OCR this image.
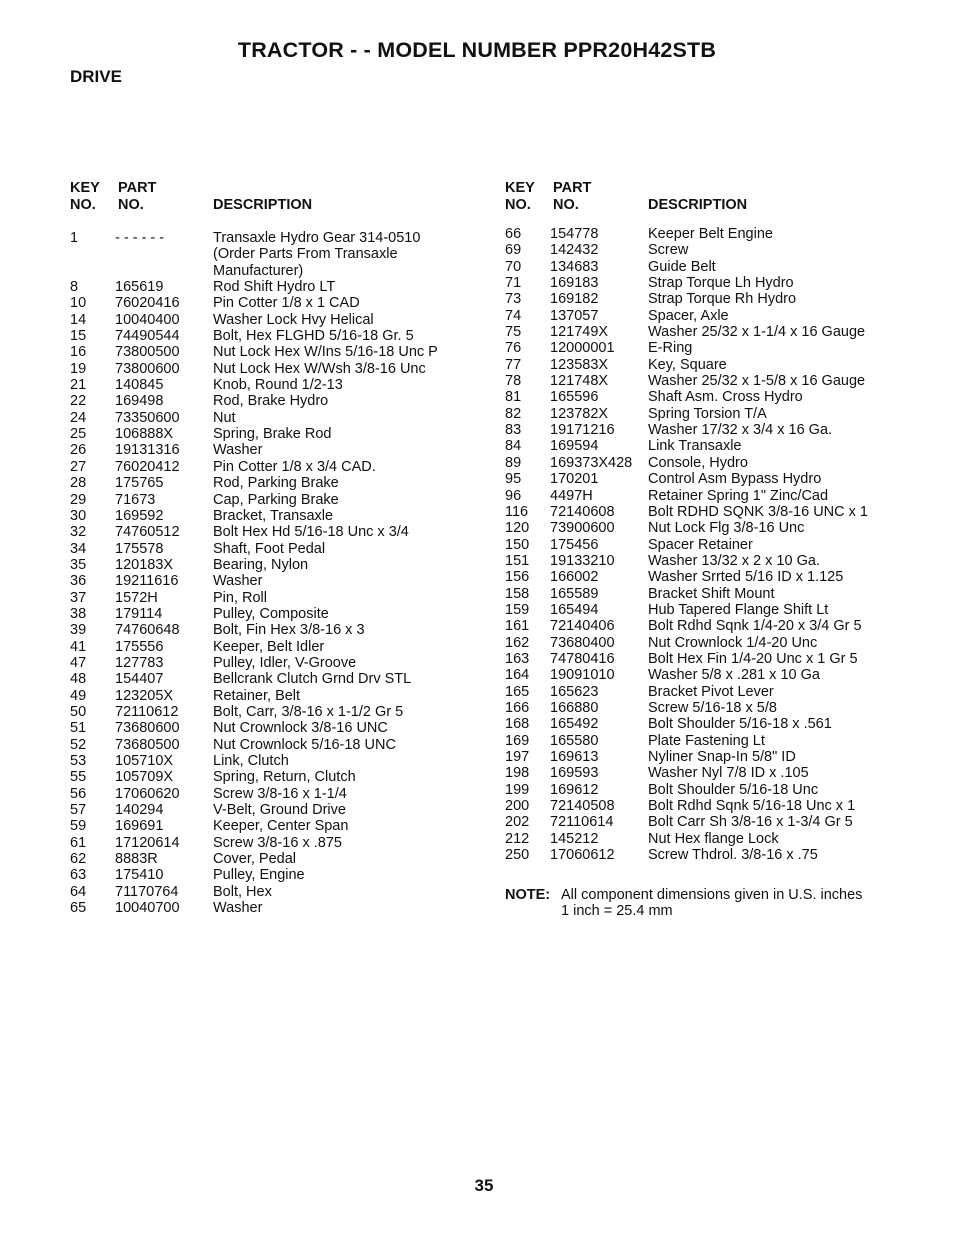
TRACTOR - - MODEL NUMBER PPR20H42STB
DRIVE
KEY
NO.
PART
NO.	DESCRIPTION
1	- - - - - -	Transaxle Hydro Gear 314-0510 (Order Parts From Transaxle Manufacturer)
8	165619	Rod Shift Hydro LT
10 76020416 Pin Cotter 1/8 x 1 CAD
14 10040400 Washer Lock Hvy Helical
15 74490544 Bolt, Hex FLGHD 5/16-18 Gr. 5
16 73800500 Nut Lock Hex W/Ins 5/16-18 Unc P
19 73800600 Nut Lock Hex W/Wsh 3/8-16 Unc
21 140845	Knob, Round 1/2-13
22 169498	Rod, Brake Hydro
24 73350600 Nut
25 106888X	Spring, Brake Rod
26 19131316 Washer
27 76020412 Pin Cotter 1/8 x 3/4 CAD.
28 175765	Rod, Parking Brake
29 71673	Cap, Parking Brake
30 169592	Bracket, Transaxle
32 74760512 Bolt Hex Hd 5/16-18 Unc x 3/4
34 175578	Shaft, Foot Pedal
35 120183X	Bearing, Nylon
36 19211616 Washer
37 1572H	Pin, Roll
38 179114	Pulley, Composite
39 74760648 Bolt, Fin Hex 3/8-16 x 3
41 175556	Keeper, Belt Idler
47 127783	Pulley, Idler, V-Groove
48 154407	Bellcrank Clutch Grnd Drv STL
49 123205X	Retainer, Belt
50 72110612 Bolt, Carr, 3/8-16 x 1-1/2 Gr 5
51 73680600 Nut Crownlock 3/8-16 UNC
52 73680500 Nut Crownlock 5/16-18 UNC
53 105710X	Link, Clutch
55 105709X	Spring, Return, Clutch
56 17060620 Screw 3/8-16 x 1-1/4
57 140294	V-Belt, Ground Drive
59 169691	Keeper, Center Span
61 17120614 Screw 3/8-16 x .875
62 8883R	Cover, Pedal
63 175410	Pulley, Engine
64 71170764 Bolt, Hex
65 10040700 Washer
KEY
NO.
PART
NO.	DESCRIPTION
66 154778	Keeper Belt Engine
69 142432	Screw
70 134683	Guide Belt
71 169183	Strap Torque Lh Hydro
73 169182	Strap Torque Rh Hydro
74 137057	Spacer, Axle
75 121749X	Washer 25/32 x 1-1/4 x 16 Gauge
76 12000001 E-Ring
77 123583X	Key, Square
78 121748X	Washer 25/32 x 1-5/8 x 16 Gauge
81 165596	Shaft Asm. Cross Hydro
82 123782X	Spring Torsion T/A
83 19171216 Washer 17/32 x 3/4 x 16 Ga.
84 169594	Link Transaxle
89 169373X428 Console, Hydro
95 170201	Control Asm Bypass Hydro
96 4497H	Retainer Spring 1" Zinc/Cad
116 72140608 Bolt RDHD SQNK 3/8-16 UNC x 1
120 73900600 Nut Lock Flg 3/8-16 Unc
150 175456	Spacer Retainer
151 19133210 Washer 13/32 x 2 x 10 Ga.
156 166002	Washer Srrted 5/16 ID x 1.125
158 165589	Bracket Shift Mount
159 165494	Hub Tapered Flange Shift Lt
161 72140406 Bolt Rdhd Sqnk 1/4-20 x 3/4 Gr 5
162 73680400 Nut Crownlock 1/4-20 Unc
163 74780416 Bolt Hex Fin 1/4-20 Unc x 1 Gr 5
164 19091010 Washer 5/8 x .281 x 10 Ga
165 165623	Bracket Pivot Lever
166 166880	Screw 5/16-18 x 5/8
168 165492	Bolt Shoulder 5/16-18 x .561
169 165580	Plate Fastening Lt
197 169613	Nyliner Snap-In 5/8" ID
198 169593	Washer Nyl 7/8 ID x .105
199 169612	Bolt Shoulder 5/16-18 Unc
200 72140508 Bolt Rdhd Sqnk 5/16-18 Unc x 1
202 72110614 Bolt Carr Sh 3/8-16 x 1-3/4 Gr 5
212 145212	Nut Hex flange Lock
250 17060612 Screw Thdrol. 3/8-16 x .75
NOTE: All component dimensions given in U.S. inches
1 inch = 25.4 mm
35
